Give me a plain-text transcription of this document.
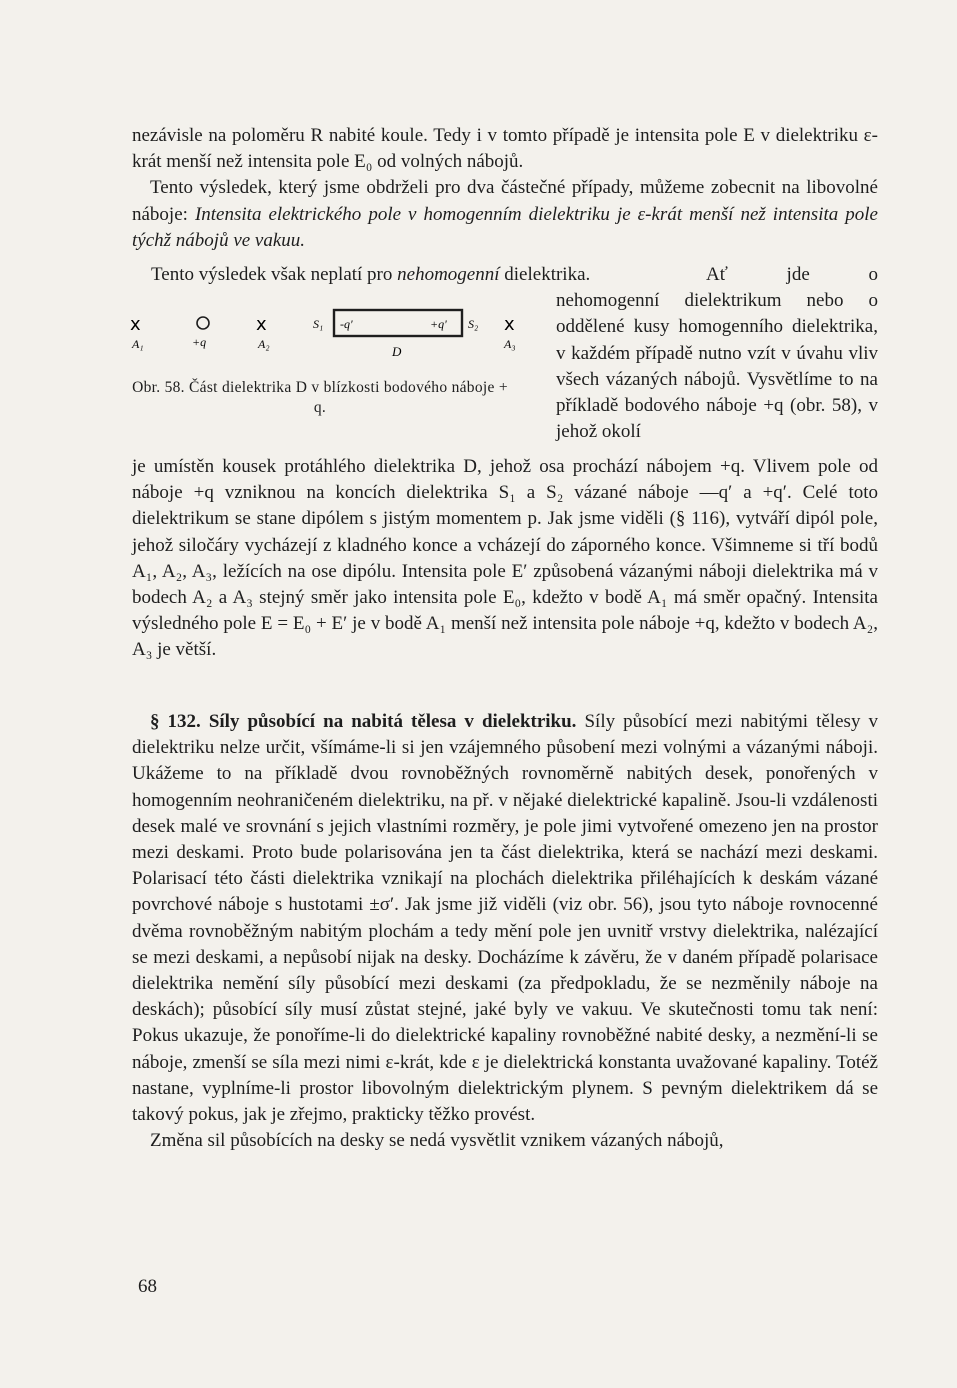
nezávisle na poloměru R nabité koule. Tedy i v tomto případě je intensita pole E v dielektriku ε-krát menší než intensita pole E₀ od volných nábojů.

Tento výsledek, který jsme obdrželi pro dva částečné případy, můžeme zobecnit na libovolné náboje: Intensita elektrického pole v homogenním dielektriku je ε-krát menší než intensita pole týchž nábojů ve vakuu.

Tento výsledek však neplatí pro nehomogenní dielektrika.	Ať jde o nehomogenní dielektrikum nebo o oddělené kusy homogenního dielektrika, v každém případě nutno vzít v úvahu vliv všech vázaných nábojů. Vysvětlíme to na příkladě bodového náboje +q (obr. 58), v jehož okolí

x	x	x
A₁	+q	A₂	A₃
S₁	S₂
-q'	+q'
D
Obr. 58. Část dielektrika D v blízkosti bodového náboje + q.
je umístěn kousek protáhlého dielektrika D, jehož osa prochází nábojem +q. Vlivem pole od náboje +q vzniknou na koncích dielektrika S₁ a S₂ vázané náboje —q′ a +q′. Celé toto dielektrikum se stane dipólem s jistým momentem p. Jak jsme viděli (§ 116), vytváří dipól pole, jehož siločáry vycházejí z kladného konce a vcházejí do záporného konce. Všimneme si tří bodů A₁, A₂, A₃, ležících na ose dipólu. Intensita pole E′ způsobená vázanými náboji dielektrika má v bodech A₂ a A₃ stejný směr jako intensita pole E₀, kdežto v bodě A₁ má směr opačný. Intensita výsledného pole E = E₀ + E′ je v bodě A₁ menší než intensita pole náboje +q, kdežto v bodech A₂, A₃ je větší.

§ 132. Síly působící na nabitá tělesa v dielektriku. Síly působící mezi nabitými tělesy v dielektriku nelze určit, všímáme-li si jen vzájemného působení mezi volnými a vázanými náboji. Ukážeme to na příkladě dvou rovnoběžných rovnoměrně nabitých desek, ponořených v homogenním neohraničeném dielektriku, na př. v nějaké dielektrické kapalině. Jsou-li vzdálenosti desek malé ve srovnání s jejich vlastními rozměry, je pole jimi vytvořené omezeno jen na prostor mezi deskami. Proto bude polarisována jen ta část dielektrika, která se nachází mezi deskami. Polarisací této části dielektrika vznikají na plochách dielektrika přiléhajících k deskám vázané povrchové náboje s hustotami ±σ′. Jak jsme již viděli (viz obr. 56), jsou tyto náboje rovnocenné dvěma rovnoběžným nabitým plochám a tedy mění pole jen uvnitř vrstvy dielektrika, nalézající se mezi deskami, a nepůsobí nijak na desky. Docházíme k závěru, že v daném případě polarisace dielektrika nemění síly působící mezi deskami (za předpokladu, že se nezměnily náboje na deskách); působící síly musí zůstat stejné, jaké byly ve vakuu. Ve skutečnosti tomu tak není: Pokus ukazuje, že ponoříme-li do dielektrické kapaliny rovnoběžné nabité desky, a nezmění-li se náboje, zmenší se síla mezi nimi ε-krát, kde ε je dielektrická konstanta uvažované kapaliny. Totéž nastane, vyplníme-li prostor libovolným dielektrickým plynem. S pevným dielektrikem dá se takový pokus, jak je zřejmo, prakticky těžko provést.

Změna sil působících na desky se nedá vysvětlit vznikem vázaných nábojů,

68
